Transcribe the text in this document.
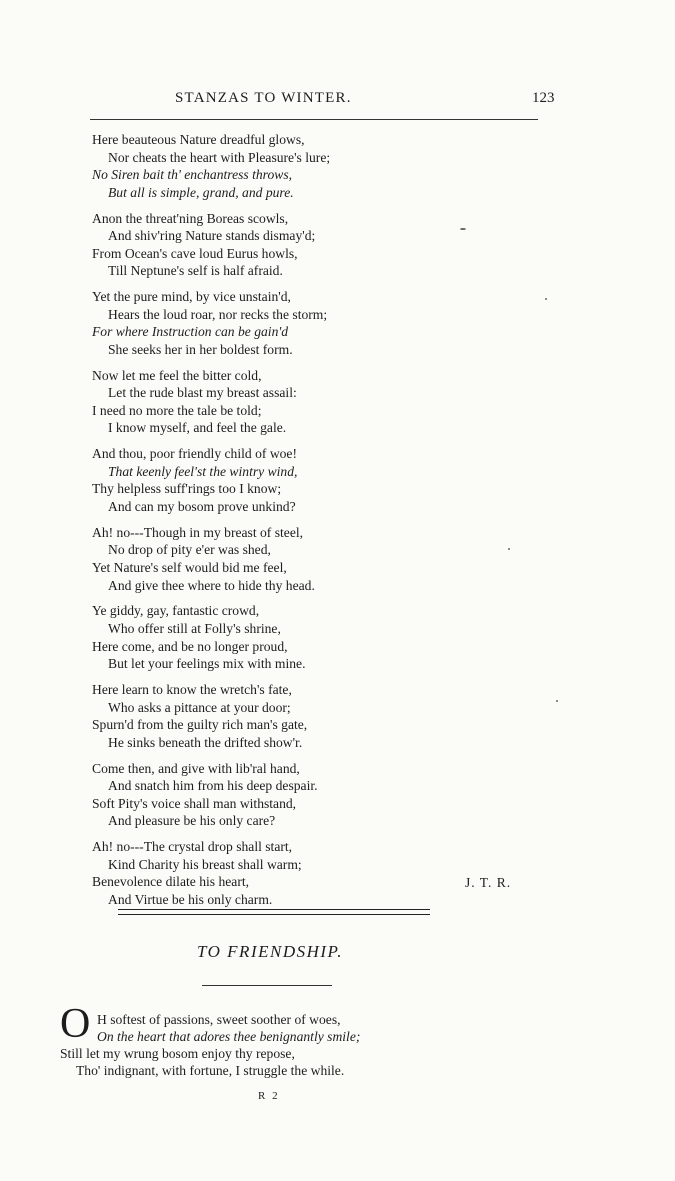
STANZAS TO WINTER.	123
Here beauteous Nature dreadful glows,
Nor cheats the heart with Pleasure's lure;
No Siren bait th' enchantress throws,
But all is simple, grand, and pure.
Anon the threat'ning Boreas scowls,
And shiv'ring Nature stands dismay'd;
From Ocean's cave loud Eurus howls,
Till Neptune's self is half afraid.
Yet the pure mind, by vice unstain'd,
Hears the loud roar, nor recks the storm;
For where Instruction can be gain'd
She seeks her in her boldest form.
Now let me feel the bitter cold,
Let the rude blast my breast assail:
I need no more the tale be told;
I know myself, and feel the gale.
And thou, poor friendly child of woe!
That keenly feel'st the wintry wind,
Thy helpless suff'rings too I know;
And can my bosom prove unkind?
Ah! no---Though in my breast of steel,
No drop of pity e'er was shed,
Yet Nature's self would bid me feel,
And give thee where to hide thy head.
Ye giddy, gay, fantastic crowd,
Who offer still at Folly's shrine,
Here come, and be no longer proud,
But let your feelings mix with mine.
Here learn to know the wretch's fate,
Who asks a pittance at your door;
Spurn'd from the guilty rich man's gate,
He sinks beneath the drifted show'r.
Come then, and give with lib'ral hand,
And snatch him from his deep despair.
Soft Pity's voice shall man withstand,
And pleasure be his only care?
Ah! no---The crystal drop shall start,
Kind Charity his breast shall warm;
Benevolence dilate his heart,
And Virtue be his only charm.
J. T. R.
TO FRIENDSHIP.
O H softest of passions, sweet soother of woes,
On the heart that adores thee benignantly smile;
Still let my wrung bosom enjoy thy repose,
Tho' indignant, with fortune, I struggle the while.
R 2
